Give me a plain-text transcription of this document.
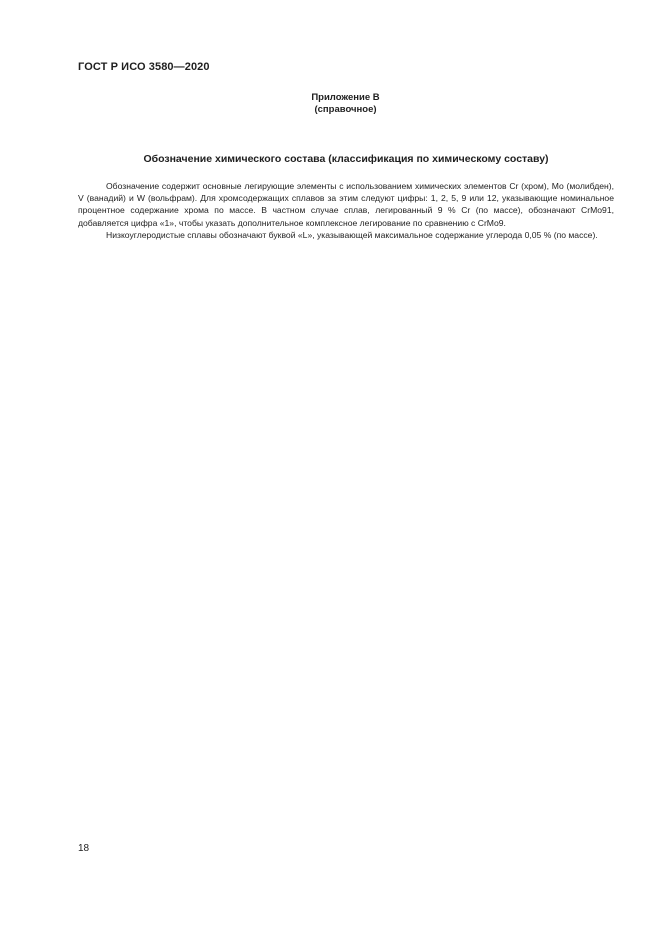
ГОСТ Р ИСО 3580—2020
Приложение В
(справочное)
Обозначение химического состава (классификация по химическому составу)

Обозначение содержит основные легирующие элементы с использованием химических элементов Cr (хром), Mo (молибден), V (ванадий) и W (вольфрам). Для хромсодержащих сплавов за этим следуют цифры: 1, 2, 5, 9 или 12, указывающие номинальное процентное содержание хрома по массе. В частном случае сплав, легированный 9 % Cr (по массе), обозначают CrMo91, добавляется цифра «1», чтобы указать дополнительное комплексное легирование по сравнению с CrMo9.

Низкоуглеродистые сплавы обозначают буквой «L», указывающей максимальное содержание углерода 0,05 % (по массе).

18
